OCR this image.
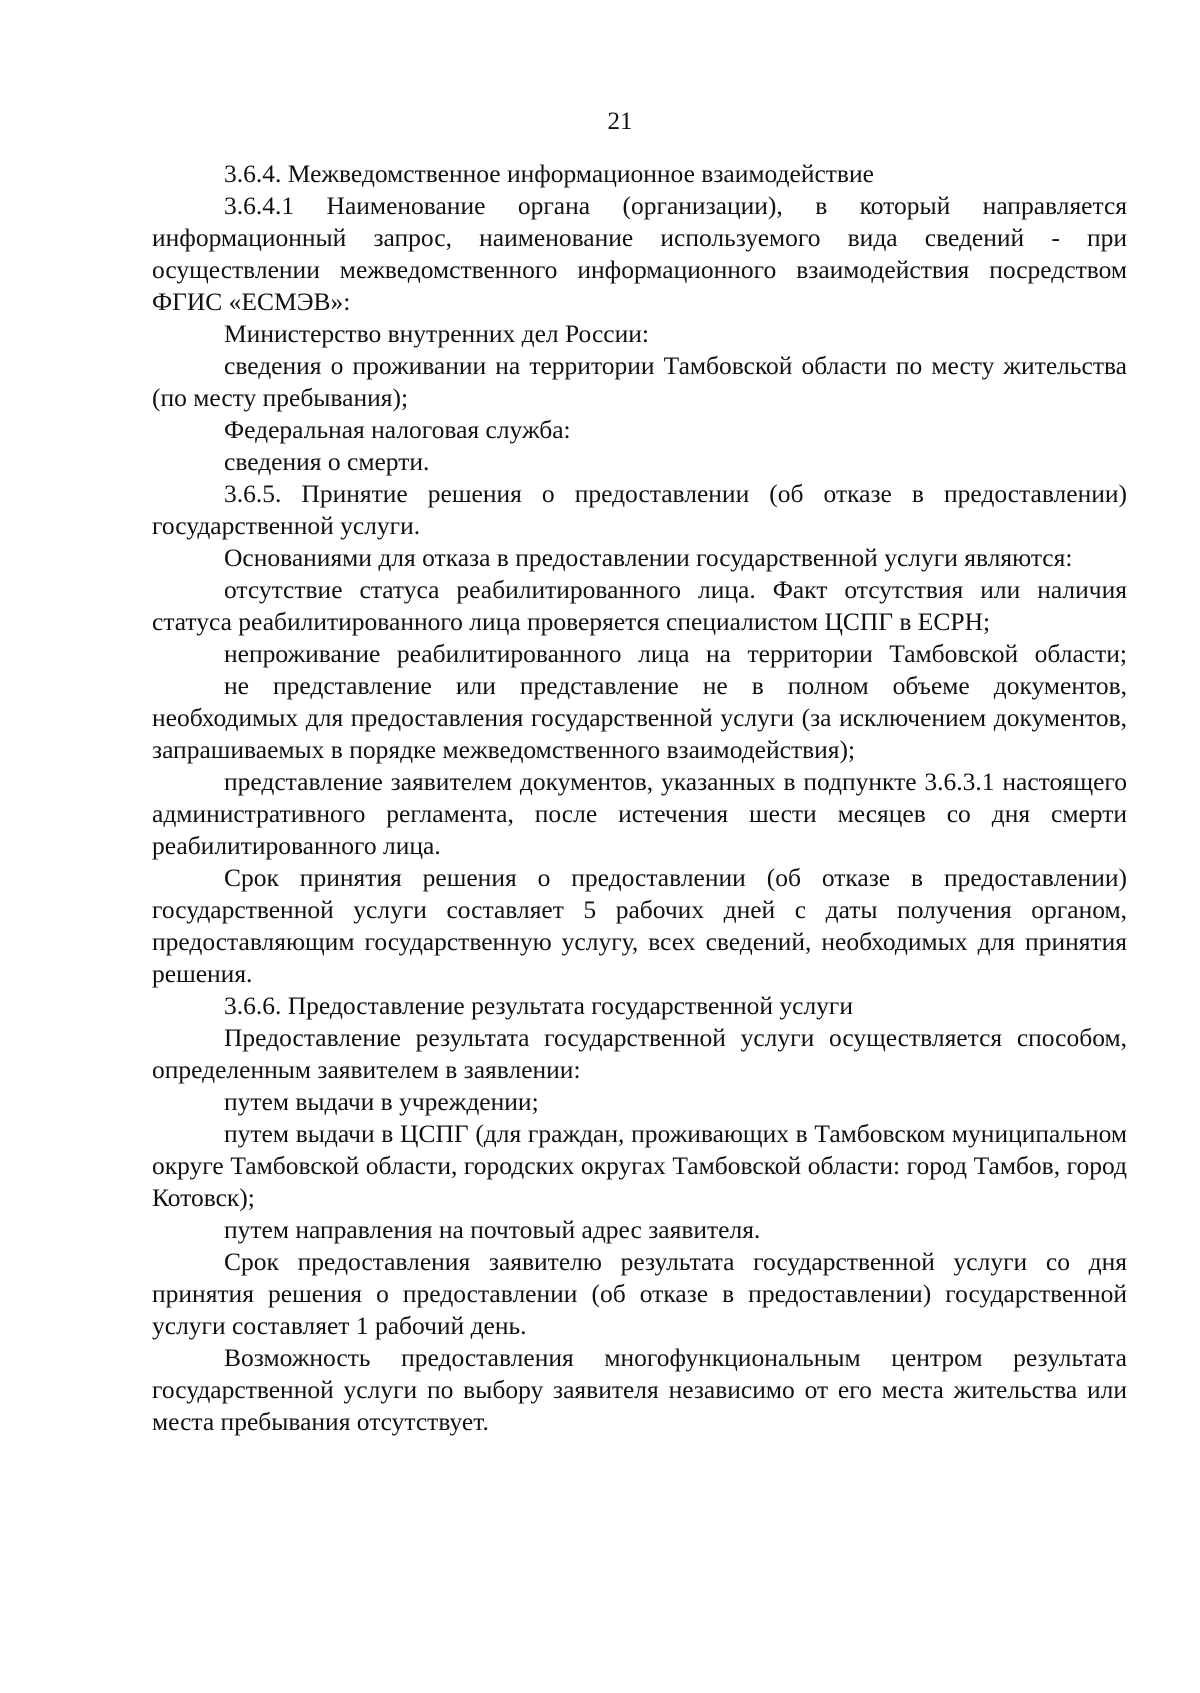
21

3.6.4. Межведомственное информационное взаимодействие

3.6.4.1 Наименование органа (организации), в который направляется информационный запрос, наименование используемого вида сведений - при осуществлении межведомственного информационного взаимодействия посредством ФГИС «ЕСМЭВ»:

Министерство внутренних дел России:

сведения о проживании на территории Тамбовской области по месту жительства (по месту пребывания);

Федеральная налоговая служба:

сведения о смерти.

3.6.5. Принятие решения о предоставлении (об отказе в предоставлении) государственной услуги.

Основаниями для отказа в предоставлении государственной услуги являются:

отсутствие статуса реабилитированного лица. Факт отсутствия или наличия статуса реабилитированного лица проверяется специалистом ЦСПГ в ЕСРН;

непроживание реабилитированного лица на территории Тамбовской области;

не представление или представление не в полном объеме документов, необходимых для предоставления государственной услуги (за исключением документов, запрашиваемых в порядке межведомственного взаимодействия);

представление заявителем документов, указанных в подпункте 3.6.3.1 настоящего административного регламента, после истечения шести месяцев со дня смерти реабилитированного лица.

Срок принятия решения о предоставлении (об отказе в предоставлении) государственной услуги составляет 5 рабочих дней с даты получения органом, предоставляющим государственную услугу, всех сведений, необходимых для принятия решения.

3.6.6. Предоставление результата государственной услуги

Предоставление результата государственной услуги осуществляется способом, определенным заявителем в заявлении:

путем выдачи в учреждении;

путем выдачи в ЦСПГ (для граждан, проживающих в Тамбовском муниципальном округе Тамбовской области, городских округах Тамбовской области: город Тамбов, город Котовск);

путем направления на почтовый адрес заявителя.

Срок предоставления заявителю результата государственной услуги со дня принятия решения о предоставлении (об отказе в предоставлении) государственной услуги составляет 1 рабочий день.

Возможность предоставления многофункциональным центром результата государственной услуги по выбору заявителя независимо от его места жительства или места пребывания отсутствует.
